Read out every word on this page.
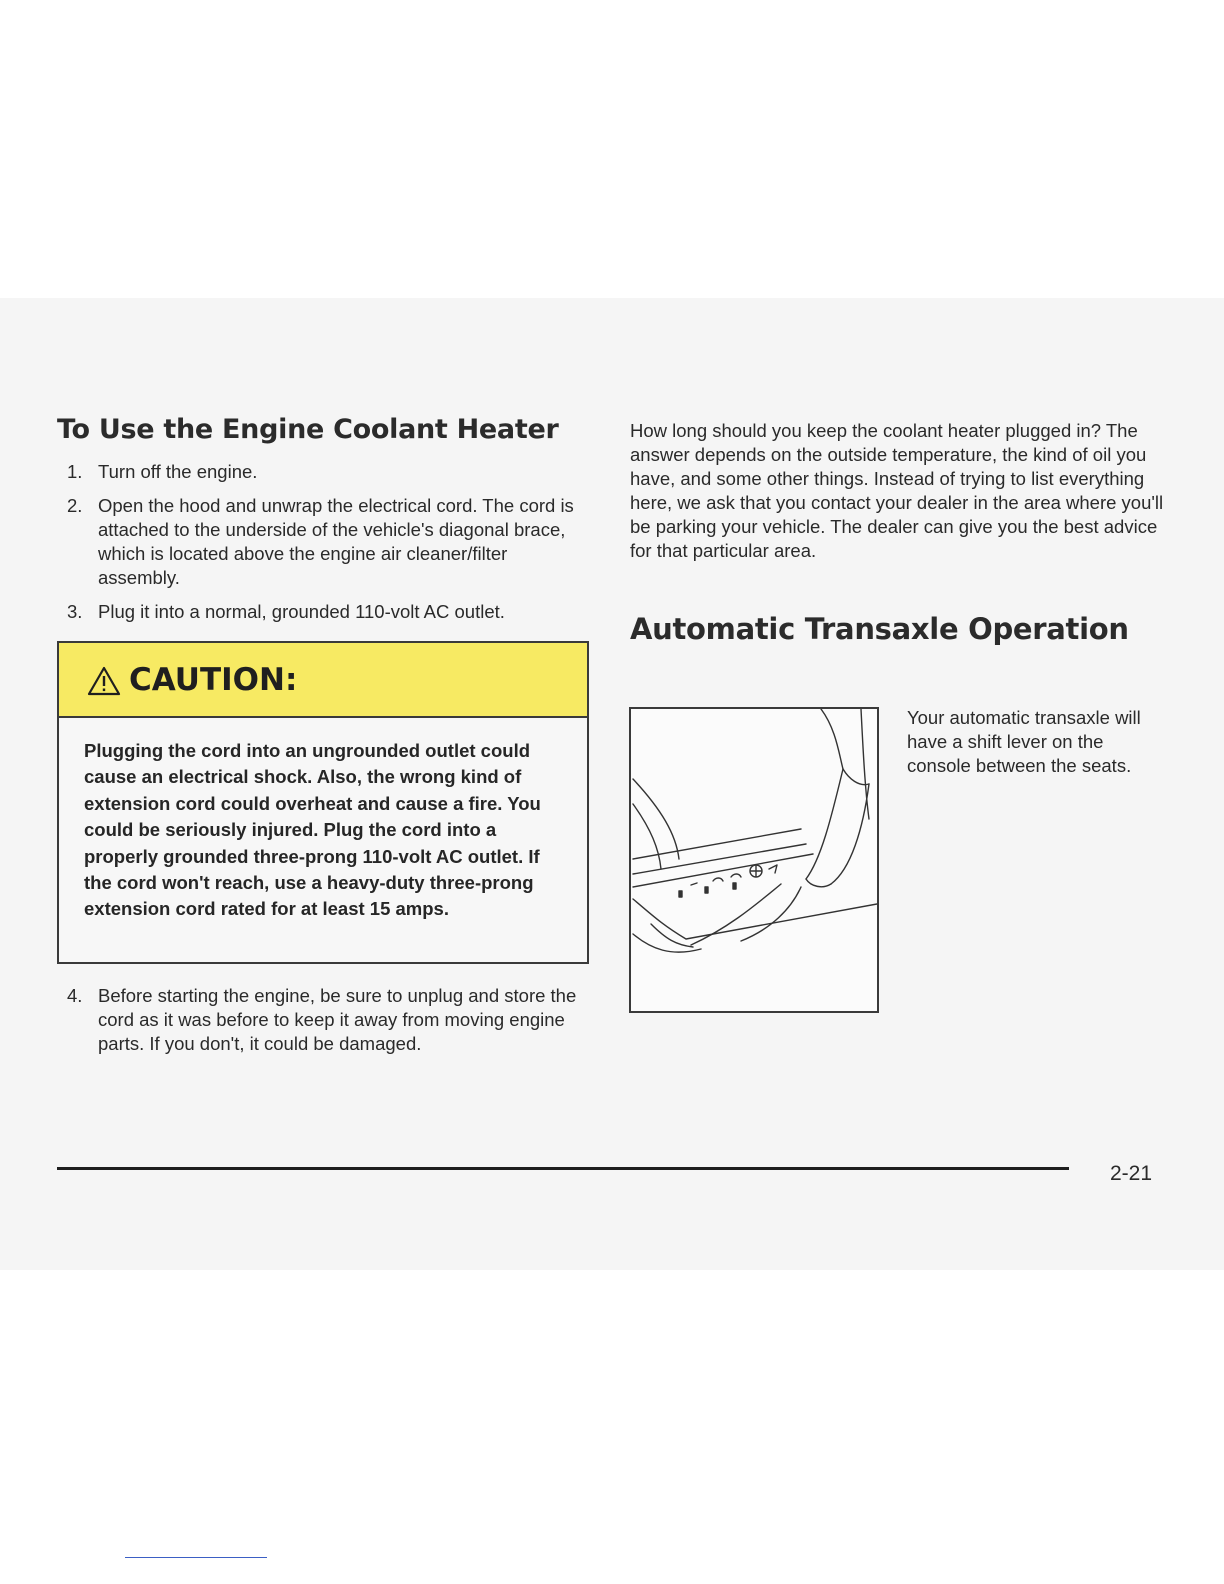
To Use the Engine Coolant Heater
1. Turn off the engine.
2. Open the hood and unwrap the electrical cord. The cord is attached to the underside of the vehicle's diagonal brace, which is located above the engine air cleaner/filter assembly.
3. Plug it into a normal, grounded 110-volt AC outlet.
CAUTION:
Plugging the cord into an ungrounded outlet could cause an electrical shock. Also, the wrong kind of extension cord could overheat and cause a fire. You could be seriously injured. Plug the cord into a properly grounded three-prong 110-volt AC outlet. If the cord won't reach, use a heavy-duty three-prong extension cord rated for at least 15 amps.
4. Before starting the engine, be sure to unplug and store the cord as it was before to keep it away from moving engine parts. If you don't, it could be damaged.

How long should you keep the coolant heater plugged in? The answer depends on the outside temperature, the kind of oil you have, and some other things. Instead of trying to list everything here, we ask that you contact your dealer in the area where you'll be parking your vehicle. The dealer can give you the best advice for that particular area.

Automatic Transaxle Operation

Your automatic transaxle will have a shift lever on the console between the seats.

2-21
